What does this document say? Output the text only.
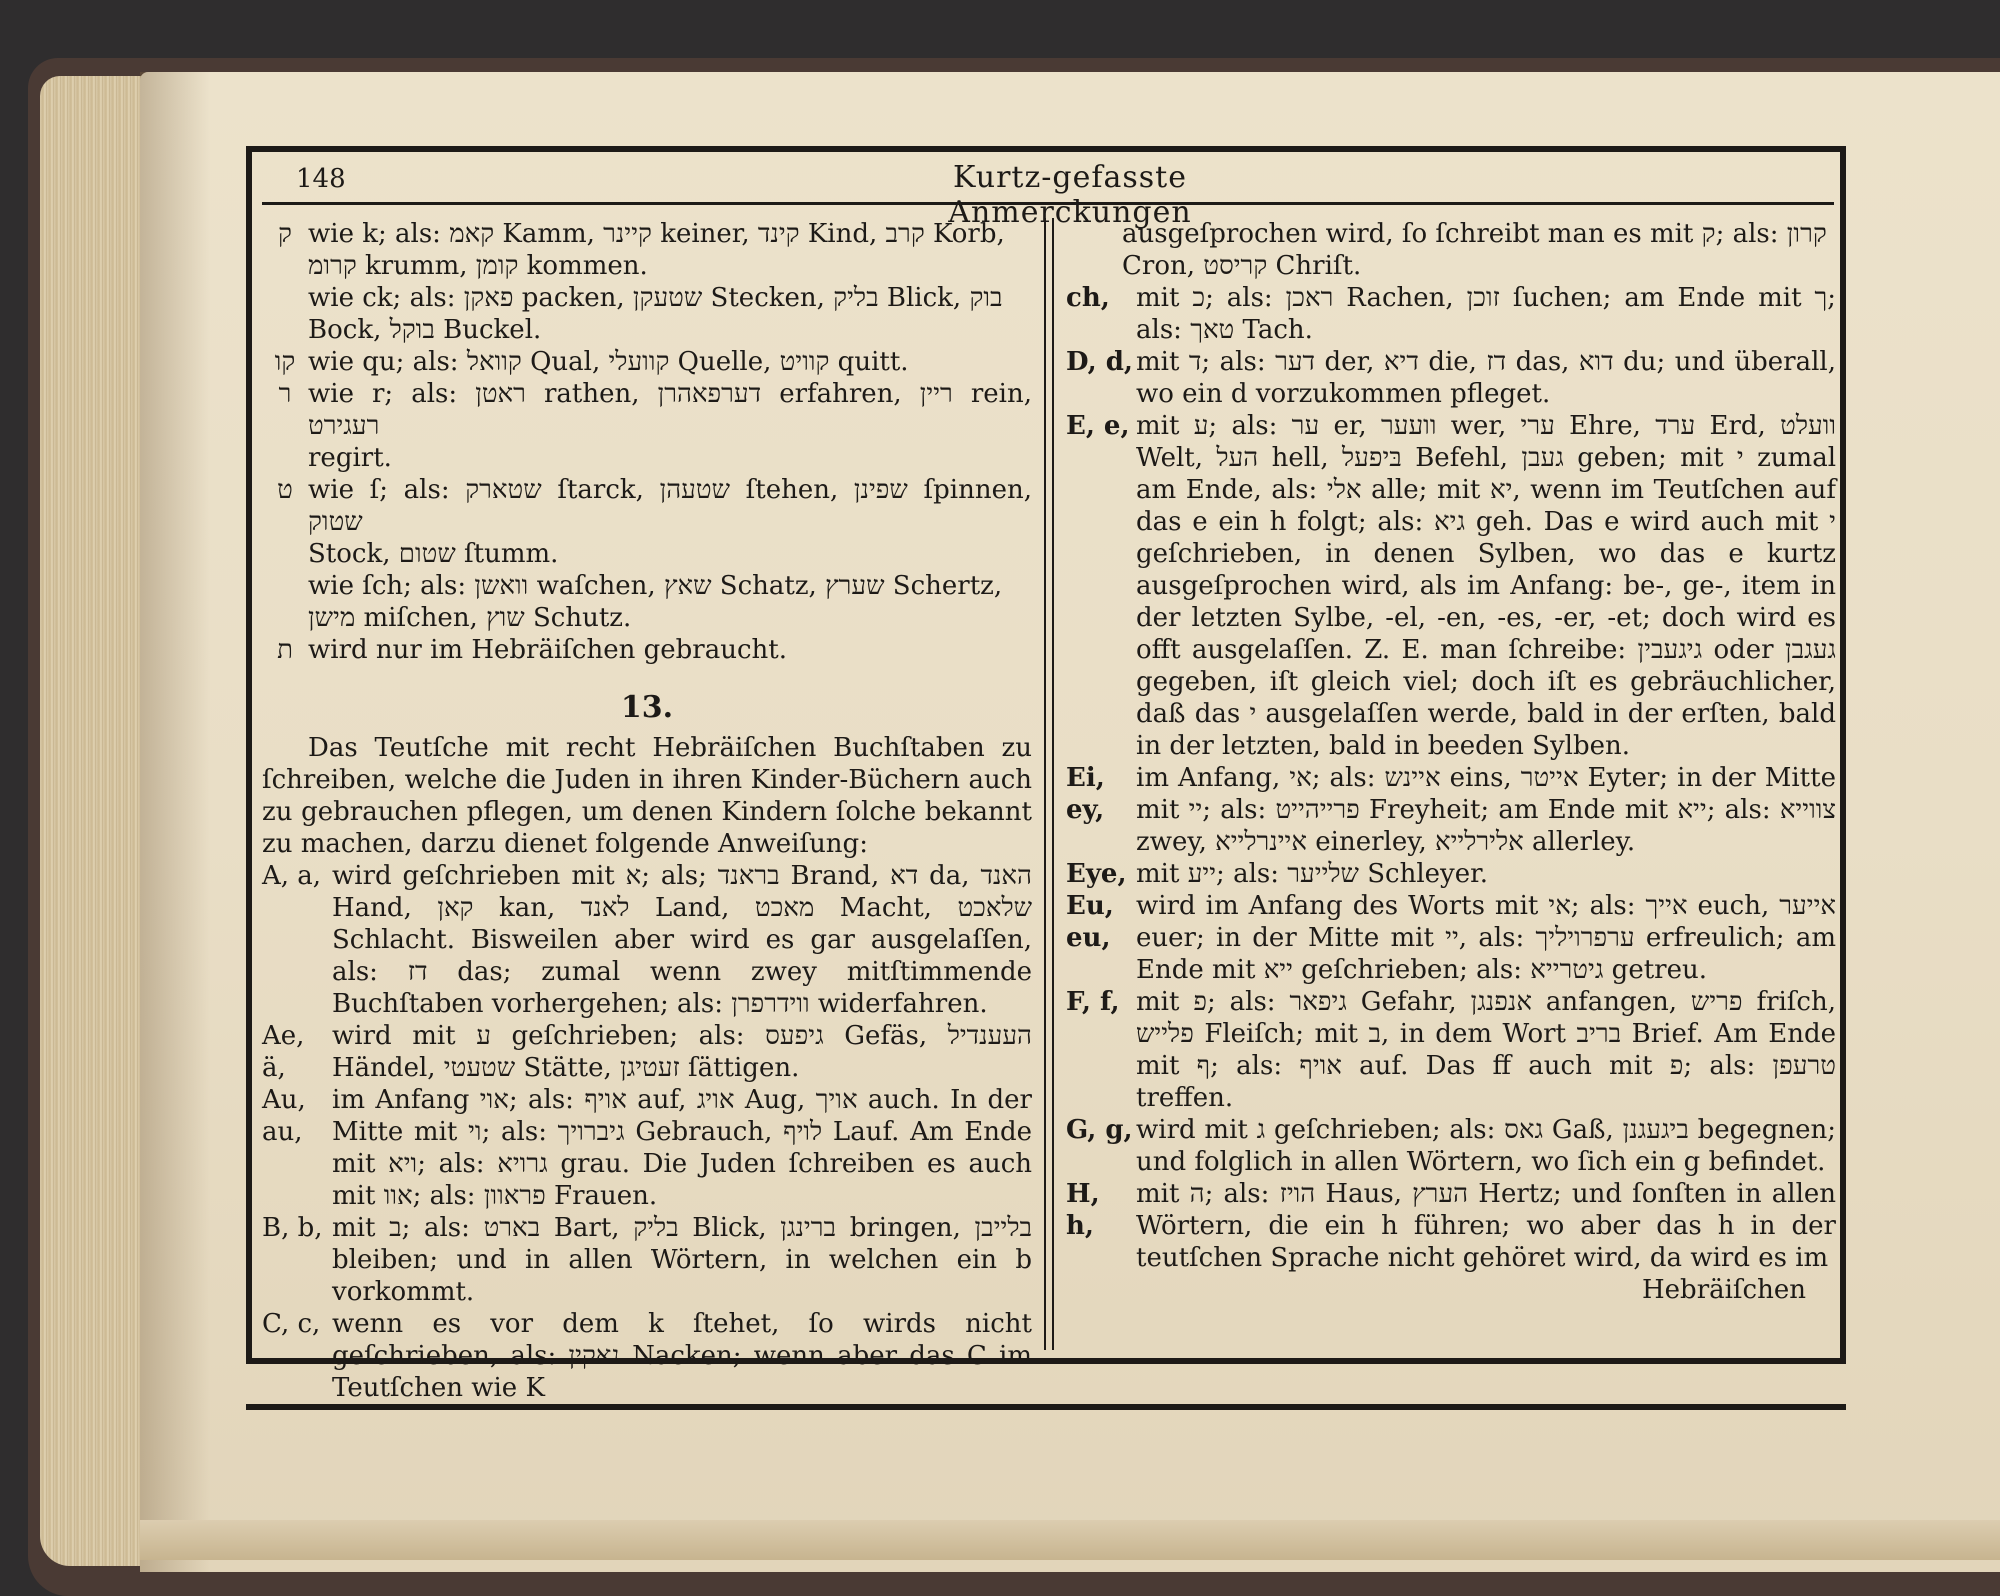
148	Kurtz-gefasste Anmerckungen
ק wie k; als: קאמ Kamm, קיינר keiner, קינד Kind, קרב Korb,
קרומ krumm, קומן kommen.
wie ck; als: פאקן packen, שטעקן Stecken, בליק Blick, בוק
Bock, בוקל Buckel.
קו wie qu; als: קוואל Qual, קוועלי Quelle, קוויט quitt.
ר wie r; als: ראטן rathen, דערפאהרן erfahren, ריין rein, רעגירט
regirt.
ט wie ſ; als: שטארק ſtarck, שטעהן ſtehen, שפינן ſpinnen, שטוק
Stock, שטום ſtumm.
wie ſch; als: וואשן waſchen, שאץ Schatz, שערץ Schertz,
מישן miſchen, שוץ Schutz.
ת wird nur im Hebräiſchen gebraucht.
13.

Das Teutſche mit recht Hebräiſchen Buchſtaben zu ſchreiben, welche die Juden in ihren Kinder-Büchern auch zu gebrauchen pflegen, um denen Kindern ſolche bekannt zu machen, darzu dienet folgende Anweiſung:

A, a, wird geſchrieben mit א; als; בראנד Brand, דא da, האנד Hand, קאן kan, לאנד Land, מאכט Macht, שלאכט Schlacht. Bisweilen aber wird es gar ausgelaſſen, als: דז das; zumal wenn zwey mitſtimmende Buchſtaben vorhergehen; als: ווידרפרן widerfahren.
Ae, ä,
wird mit ע geſchrieben; als: גיפעס Gefäs, העענדיל Händel, שטעטי Stätte, זעטיגן ſättigen.
Au, au,
im Anfang אוי; als: אויף auf, אויג Aug, אויך auch. In der Mitte mit וי; als: גיברויך Gebrauch, לויף Lauf. Am Ende mit ויא; als: גרויא grau. Die Juden ſchreiben es auch mit אוו; als: פראוון Frauen.
B, b, mit ב; als: בארט Bart, בליק Blick, ברינגן bringen, בלייבן bleiben; und in allen Wörtern, in welchen ein b vorkommt.
C, c, wenn es vor dem k ſtehet, ſo wirds nicht geſchrieben, als: נאקין Nacken; wenn aber das C im Teutſchen wie K
ausgeſprochen wird, ſo ſchreibt man es mit ק; als: קרון
Cron, קריסט Chriſt.
ch,	mit כ; als: ראכן Rachen, זוכן ſuchen; am Ende mit ך; als: טאך Tach.
D, d, mit ד; als: דער der, דיא die, דז das, דוא du; und überall, wo ein d vorzukommen pfleget.
E, e, mit ע; als: ער er, וועער wer, ערי Ehre, ערד Erd, וועלט Welt, העל hell, בּיפעל Befehl, געבן geben; mit י zumal am Ende, als: אלי alle; mit יא, wenn im Teutſchen auf das e ein h folgt; als: גיא geh. Das e wird auch mit י geſchrieben, in denen Sylben, wo das e kurtz ausgeſprochen wird, als im Anfang: be-, ge-, item in der letzten Sylbe, -el, -en, -es, -er, -et; doch wird es offt ausgelaſſen. Z. E. man ſchreibe: גיגעבין oder געגבן gegeben, iſt gleich viel; doch iſt es gebräuchlicher, daß das י ausgelaſſen werde, bald in der erſten, bald in der letzten, bald in beeden Sylben.
Ei, ey,
im Anfang, אי; als: איינש eins, אייטר Eyter; in der Mitte mit יי; als: פרייהייט Freyheit; am Ende mit ייא; als: צווייא zwey, איינרלייא einerley, אלירלייא allerley.
Eye, mit ייע; als: שלייער Schleyer.
Eu, eu,
wird im Anfang des Worts mit אי; als: אייך euch, אייער euer; in der Mitte mit יי, als: ערפרויליך erfreulich; am Ende mit ייא geſchrieben; als: גיטרייא getreu.
F, f, mit פ; als: גיפאר Gefahr, אנפנגן anfangen, פריש friſch, פלייש Fleiſch; mit ב, in dem Wort בריב Brief. Am Ende mit ף; als: אויף auf. Das ff auch mit פ; als: טרעפן treffen.
G, g, wird mit ג geſchrieben; als: גאס Gaß, ביגעגנן begegnen; und folglich in allen Wörtern, wo ſich ein g befindet.
H, h,
mit ה; als: הויז Haus, הערץ Hertz; und ſonſten in allen Wörtern, die ein h führen; wo aber das h in der teutſchen Sprache nicht gehöret wird, da wird es im
Hebräiſchen
